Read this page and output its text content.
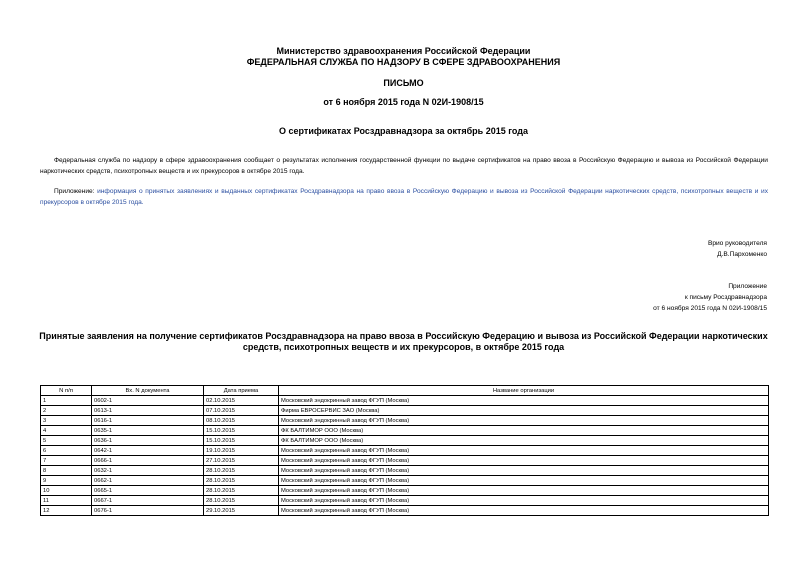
Министерство здравоохранения Российской Федерации
ФЕДЕРАЛЬНАЯ СЛУЖБА ПО НАДЗОРУ В СФЕРЕ ЗДРАВООХРАНЕНИЯ
ПИСЬМО
от 6 ноября 2015 года N 02И-1908/15
О сертификатах Росздравнадзора за октябрь 2015 года
Федеральная служба по надзору в сфере здравоохранения сообщает о результатах исполнения государственной функции по выдаче сертификатов на право ввоза в Российскую Федерацию и вывоза из Российской Федерации наркотических средств, психотропных веществ и их прекурсоров в октябре 2015 года.
Приложение: информация о принятых заявлениях и выданных сертификатах Росздравнадзора на право ввоза в Российскую Федерацию и вывоза из Российской Федерации наркотических средств, психотропных веществ и их прекурсоров в октябре 2015 года.
Врио руководителя
Д.В.Пархоменко
Приложение
к письму Росздравнадзора
от 6 ноября 2015 года N 02И-1908/15
Принятые заявления на получение сертификатов Росздравнадзора на право ввоза в Российскую Федерацию и вывоза из Российской Федерации наркотических средств, психотропных веществ и их прекурсоров, в октябре 2015 года
N п/п	Вх. N документа	Дата приема	Название организации
1	0602-1	02.10.2015	Московский эндокринный завод ФГУП (Москва)
2	0613-1	07.10.2015	Фирма ЕВРОСЕРВИС ЗАО (Москва)
3	0616-1	08.10.2015	Московский эндокринный завод ФГУП (Москва)
4	0635-1	15.10.2015	ФК БАЛТИМОР ООО (Москва)
5	0636-1	15.10.2015	ФК БАЛТИМОР ООО (Москва)
6	0642-1	19.10.2015	Московский эндокринный завод ФГУП (Москва)
7	0666-1	27.10.2015	Московский эндокринный завод ФГУП (Москва)
8	0632-1	28.10.2015	Московский эндокринный завод ФГУП (Москва)
9	0662-1	28.10.2015	Московский эндокринный завод ФГУП (Москва)
10	0665-1	28.10.2015	Московский эндокринный завод ФГУП (Москва)
11	0667-1	28.10.2015	Московский эндокринный завод ФГУП (Москва)
12	0676-1	29.10.2015	Московский эндокринный завод ФГУП (Москва)
